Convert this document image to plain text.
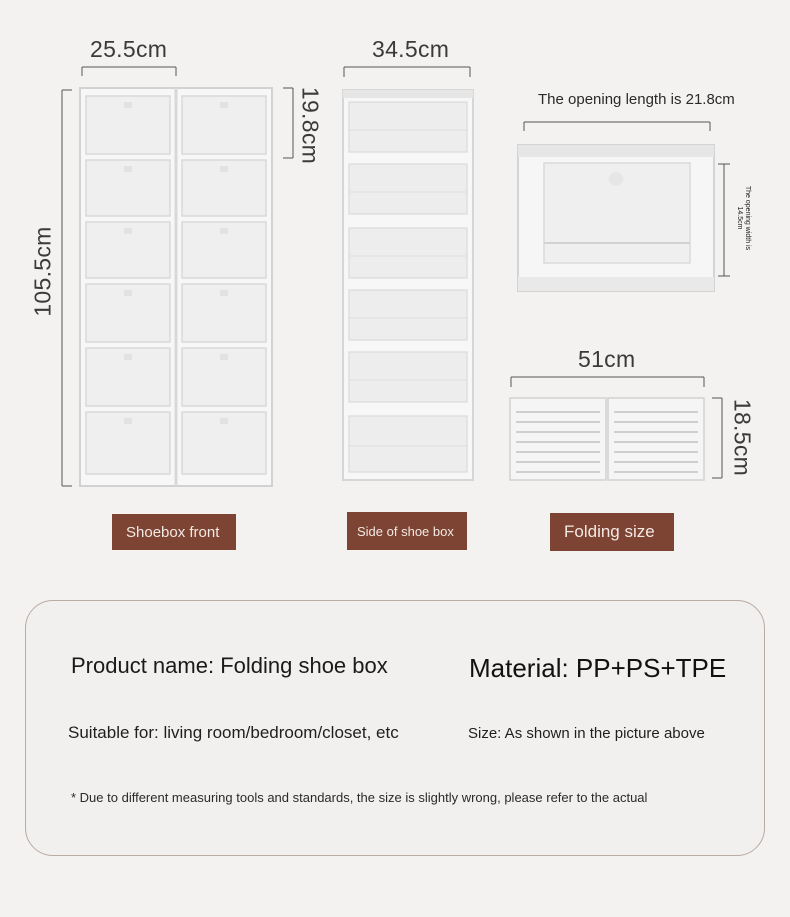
25.5cm
105.5cm
19.8cm
Shoebox front
34.5cm
Side of shoe box
The opening length is 21.8cm
The opening width is 14.5cm
51cm
18.5cm
Folding size
Product name: Folding shoe box	Material: PP+PS+TPE
Suitable for: living room/bedroom/closet, etc	Size: As shown in the picture above
* Due to different measuring tools and standards, the size is slightly wrong, please refer to the actual
